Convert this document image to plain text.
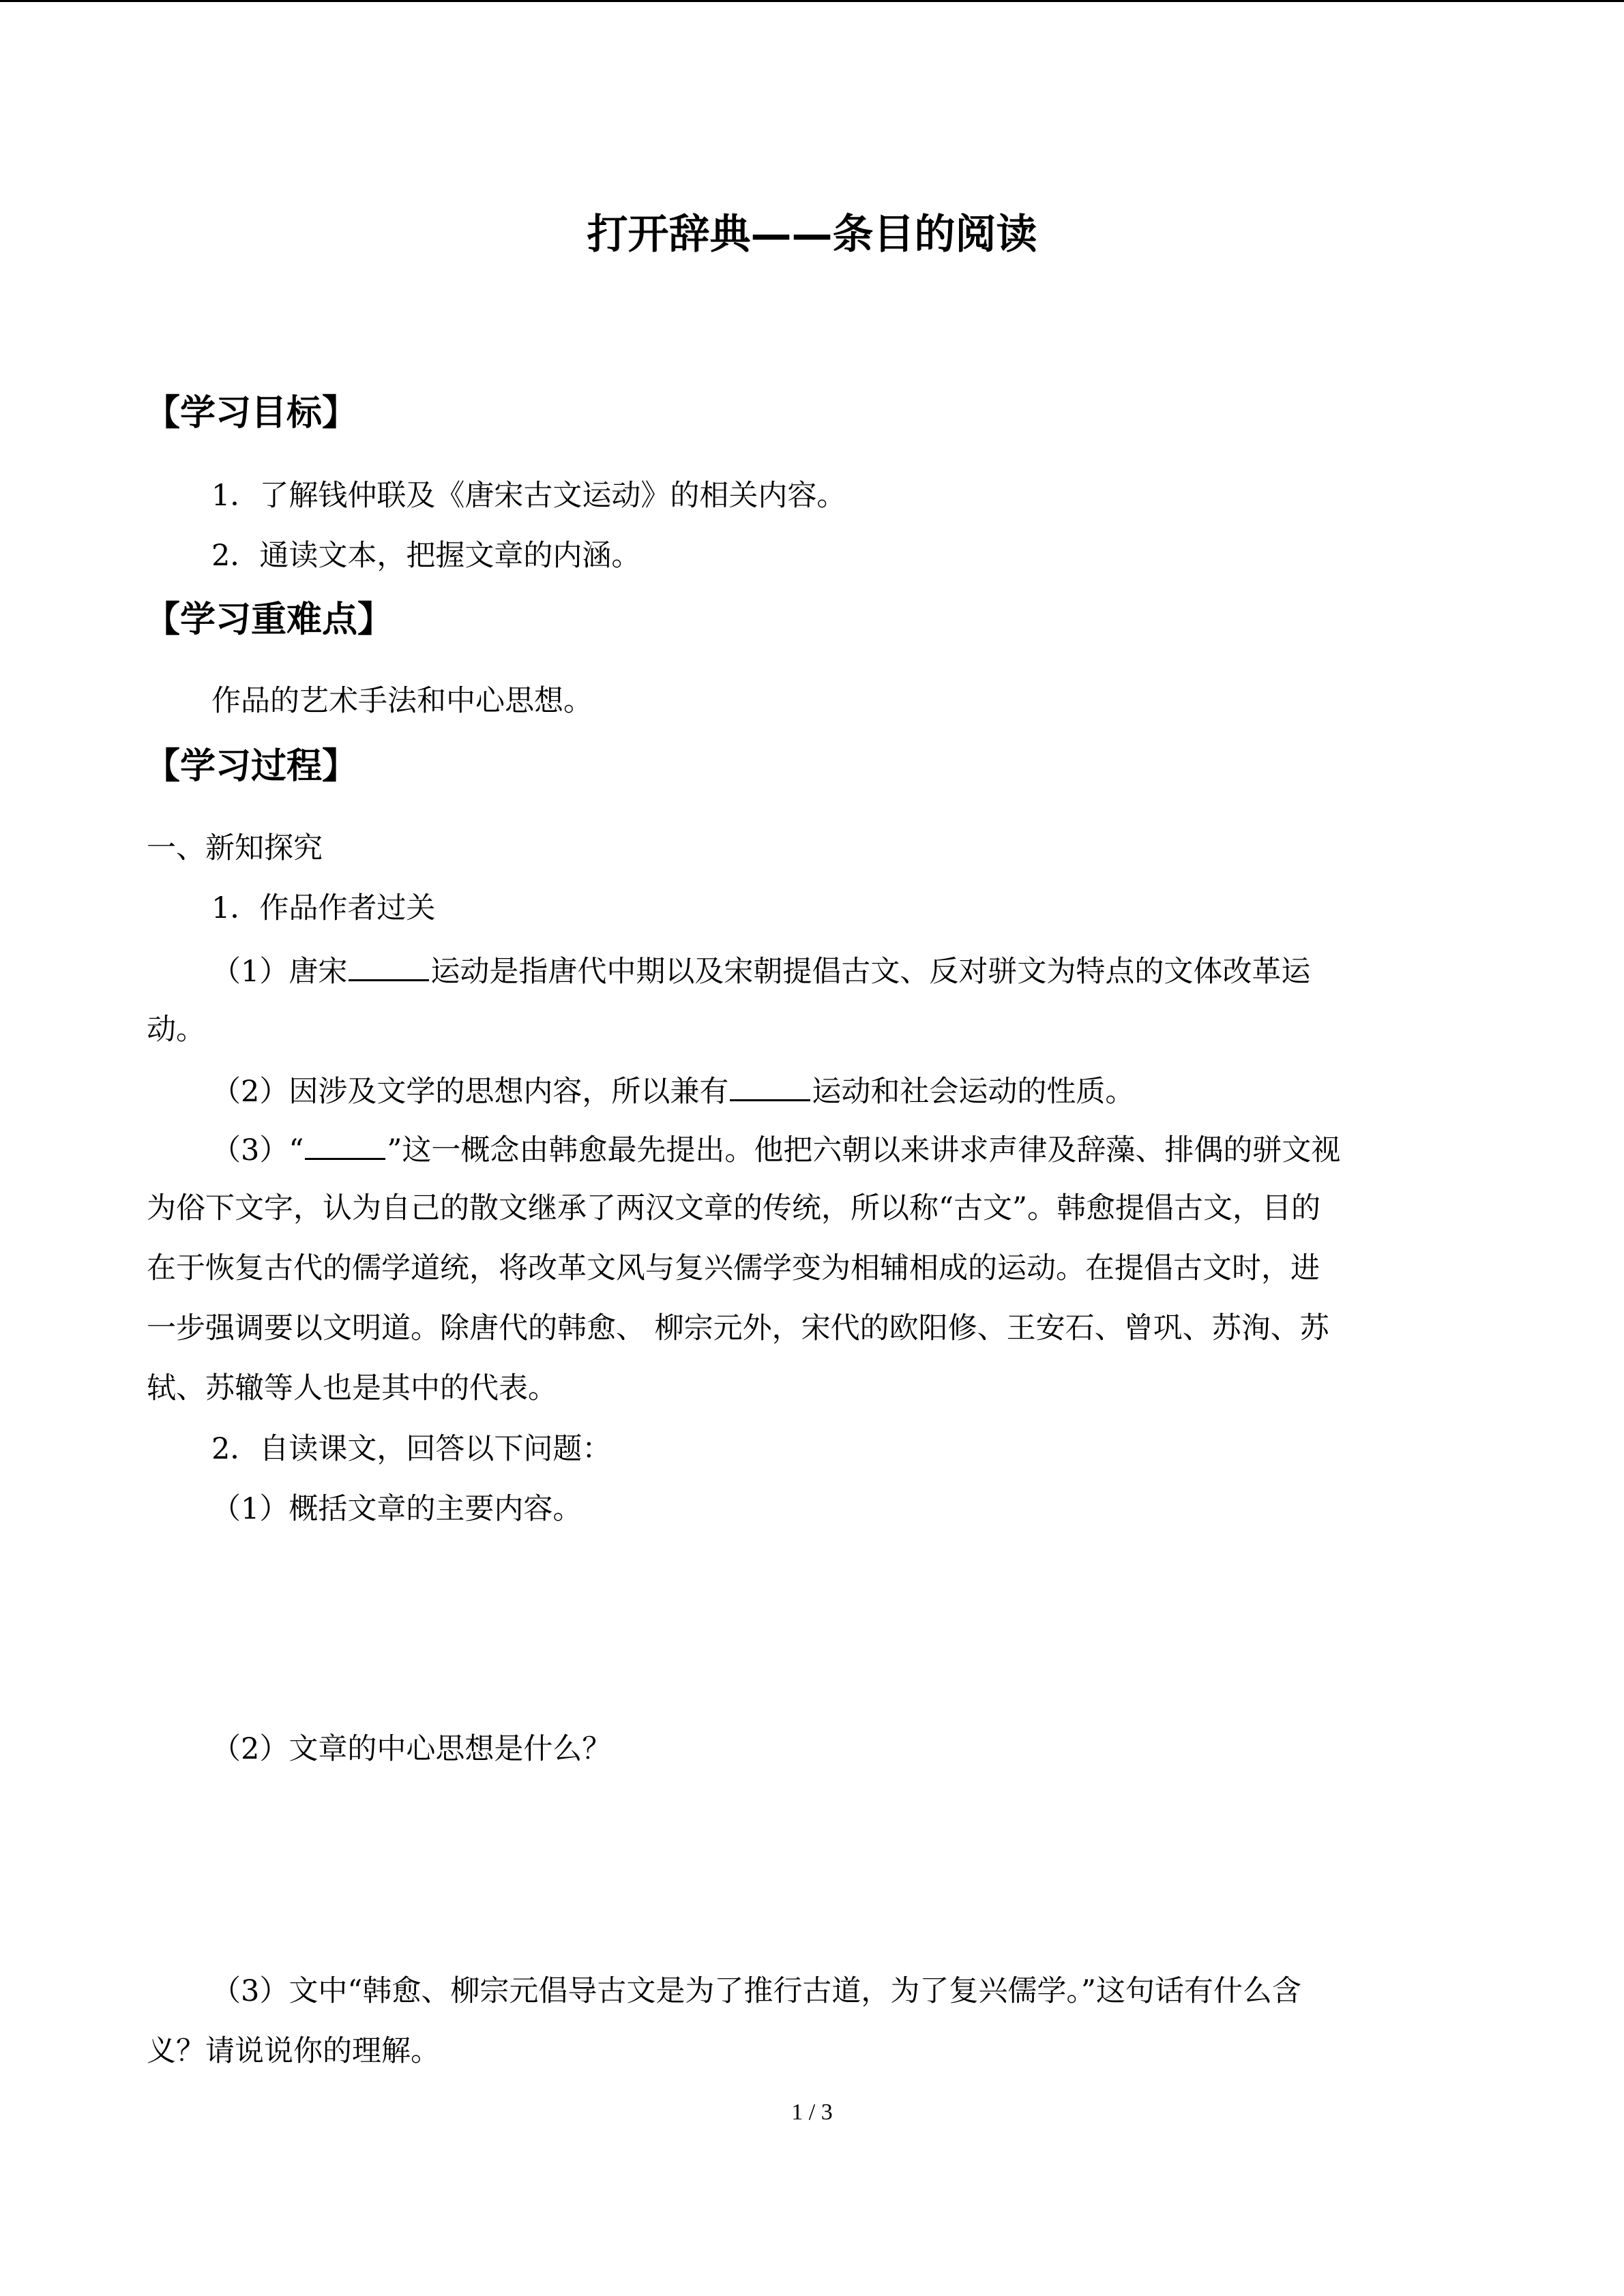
打开辞典——条目的阅读
【学习目标】
1．了解钱仲联及《唐宋古文运动》的相关内容。
2．通读文本，把握文章的内涵。
【学习重难点】
作品的艺术手法和中心思想。
【学习过程】
一、新知探究
1．作品作者过关
（1）唐宋	运动是指唐代中期以及宋朝提倡古文、反对骈文为特点的文体改革运
动。
（2）因涉及文学的思想内容，所以兼有	运动和社会运动的性质。
（3）“	”这一概念由韩愈最先提出。他把六朝以来讲求声律及辞藻、排偶的骈文视
为俗下文字，认为自己的散文继承了两汉文章的传统，所以称“古文”。韩愈提倡古文，目的
在于恢复古代的儒学道统，将改革文风与复兴儒学变为相辅相成的运动。在提倡古文时，进
一步强调要以文明道。除唐代的韩愈、 柳宗元外，宋代的欧阳修、王安石、曾巩、苏洵、苏
轼、苏辙等人也是其中的代表。
2．自读课文，回答以下问题：
（1）概括文章的主要内容。
（2）文章的中心思想是什么？
（3）文中“韩愈、柳宗元倡导古文是为了推行古道，为了复兴儒学。”这句话有什么含
义？请说说你的理解。
1 / 3
